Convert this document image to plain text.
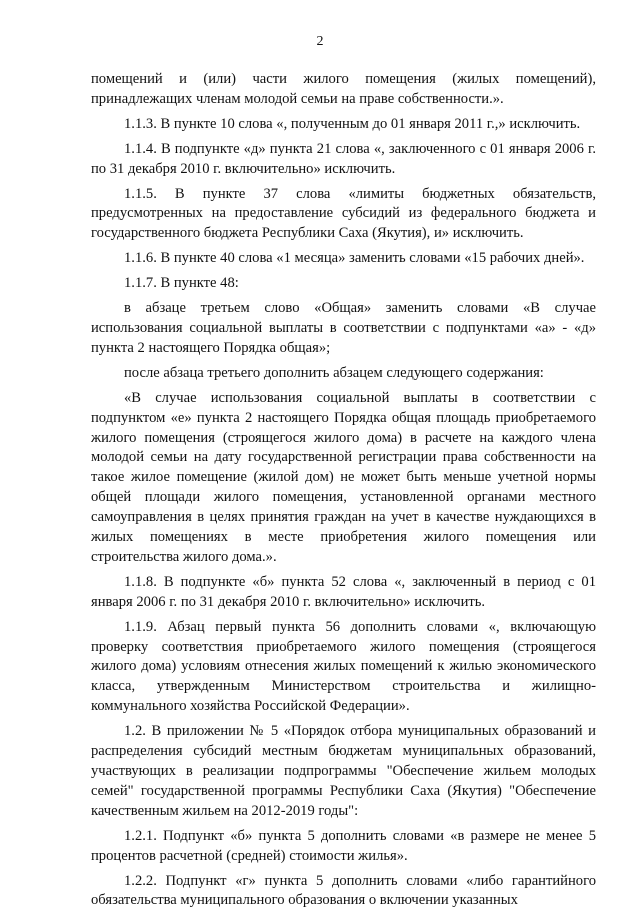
2

помещений и (или) части жилого помещения (жилых помещений), принадлежащих членам молодой семьи на праве собственности.».

1.1.3. В пункте 10 слова «, полученным до 01 января 2011 г.,» исключить.

1.1.4. В подпункте «д» пункта 21 слова «, заключенного с 01 января 2006 г. по 31 декабря 2010 г. включительно» исключить.

1.1.5. В пункте 37 слова «лимиты бюджетных обязательств, предусмотренных на предоставление субсидий из федерального бюджета и государственного бюджета Республики Саха (Якутия), и» исключить.

1.1.6. В пункте 40 слова «1 месяца» заменить словами «15 рабочих дней».

1.1.7. В пункте 48:

в абзаце третьем слово «Общая» заменить словами «В случае использования социальной выплаты в соответствии с подпунктами «а» - «д» пункта 2 настоящего Порядка общая»;

после абзаца третьего дополнить абзацем следующего содержания:

«В случае использования социальной выплаты в соответствии с подпунктом «е» пункта 2 настоящего Порядка общая площадь приобретаемого жилого помещения (строящегося жилого дома) в расчете на каждого члена молодой семьи на дату государственной регистрации права собственности на такое жилое помещение (жилой дом) не может быть меньше учетной нормы общей площади жилого помещения, установленной органами местного самоуправления в целях принятия граждан на учет в качестве нуждающихся в жилых помещениях в месте приобретения жилого помещения или строительства жилого дома.».

1.1.8. В подпункте «б» пункта 52 слова «, заключенный в период с 01 января 2006 г. по 31 декабря 2010 г. включительно» исключить.

1.1.9. Абзац первый пункта 56 дополнить словами «, включающую проверку соответствия приобретаемого жилого помещения (строящегося жилого дома) условиям отнесения жилых помещений к жилью экономического класса, утвержденным Министерством строительства и жилищно-коммунального хозяйства Российской Федерации».

1.2. В приложении № 5 «Порядок отбора муниципальных образований и распределения субсидий местным бюджетам муниципальных образований, участвующих в реализации подпрограммы "Обеспечение жильем молодых семей" государственной программы Республики Саха (Якутия) "Обеспечение качественным жильем на 2012-2019 годы":

1.2.1. Подпункт «б» пункта 5 дополнить словами «в размере не менее 5 процентов расчетной (средней) стоимости жилья».

1.2.2. Подпункт «г» пункта 5 дополнить словами «либо гарантийного обязательства муниципального образования о включении указанных
